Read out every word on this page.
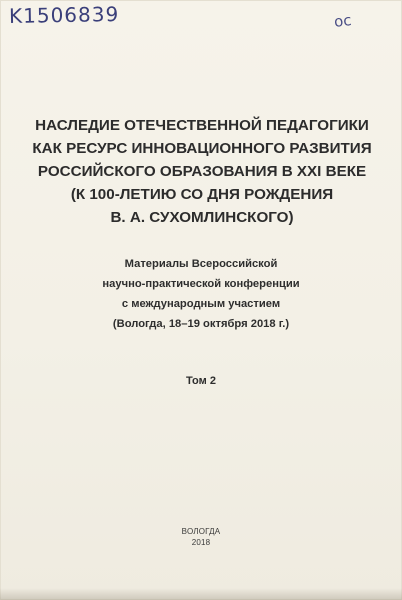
K1506839	ос
НАСЛЕДИЕ ОТЕЧЕСТВЕННОЙ ПЕДАГОГИКИ
КАК РЕСУРС ИННОВАЦИОННОГО РАЗВИТИЯ
РОССИЙСКОГО ОБРАЗОВАНИЯ В XXI ВЕКЕ
(К 100-ЛЕТИЮ СО ДНЯ РОЖДЕНИЯ
В. А. СУХОМЛИНСКОГО)
Материалы Всероссийской
научно-практической конференции
с международным участием
(Вологда, 18–19 октября 2018 г.)
Том 2
ВОЛОГДА
2018
